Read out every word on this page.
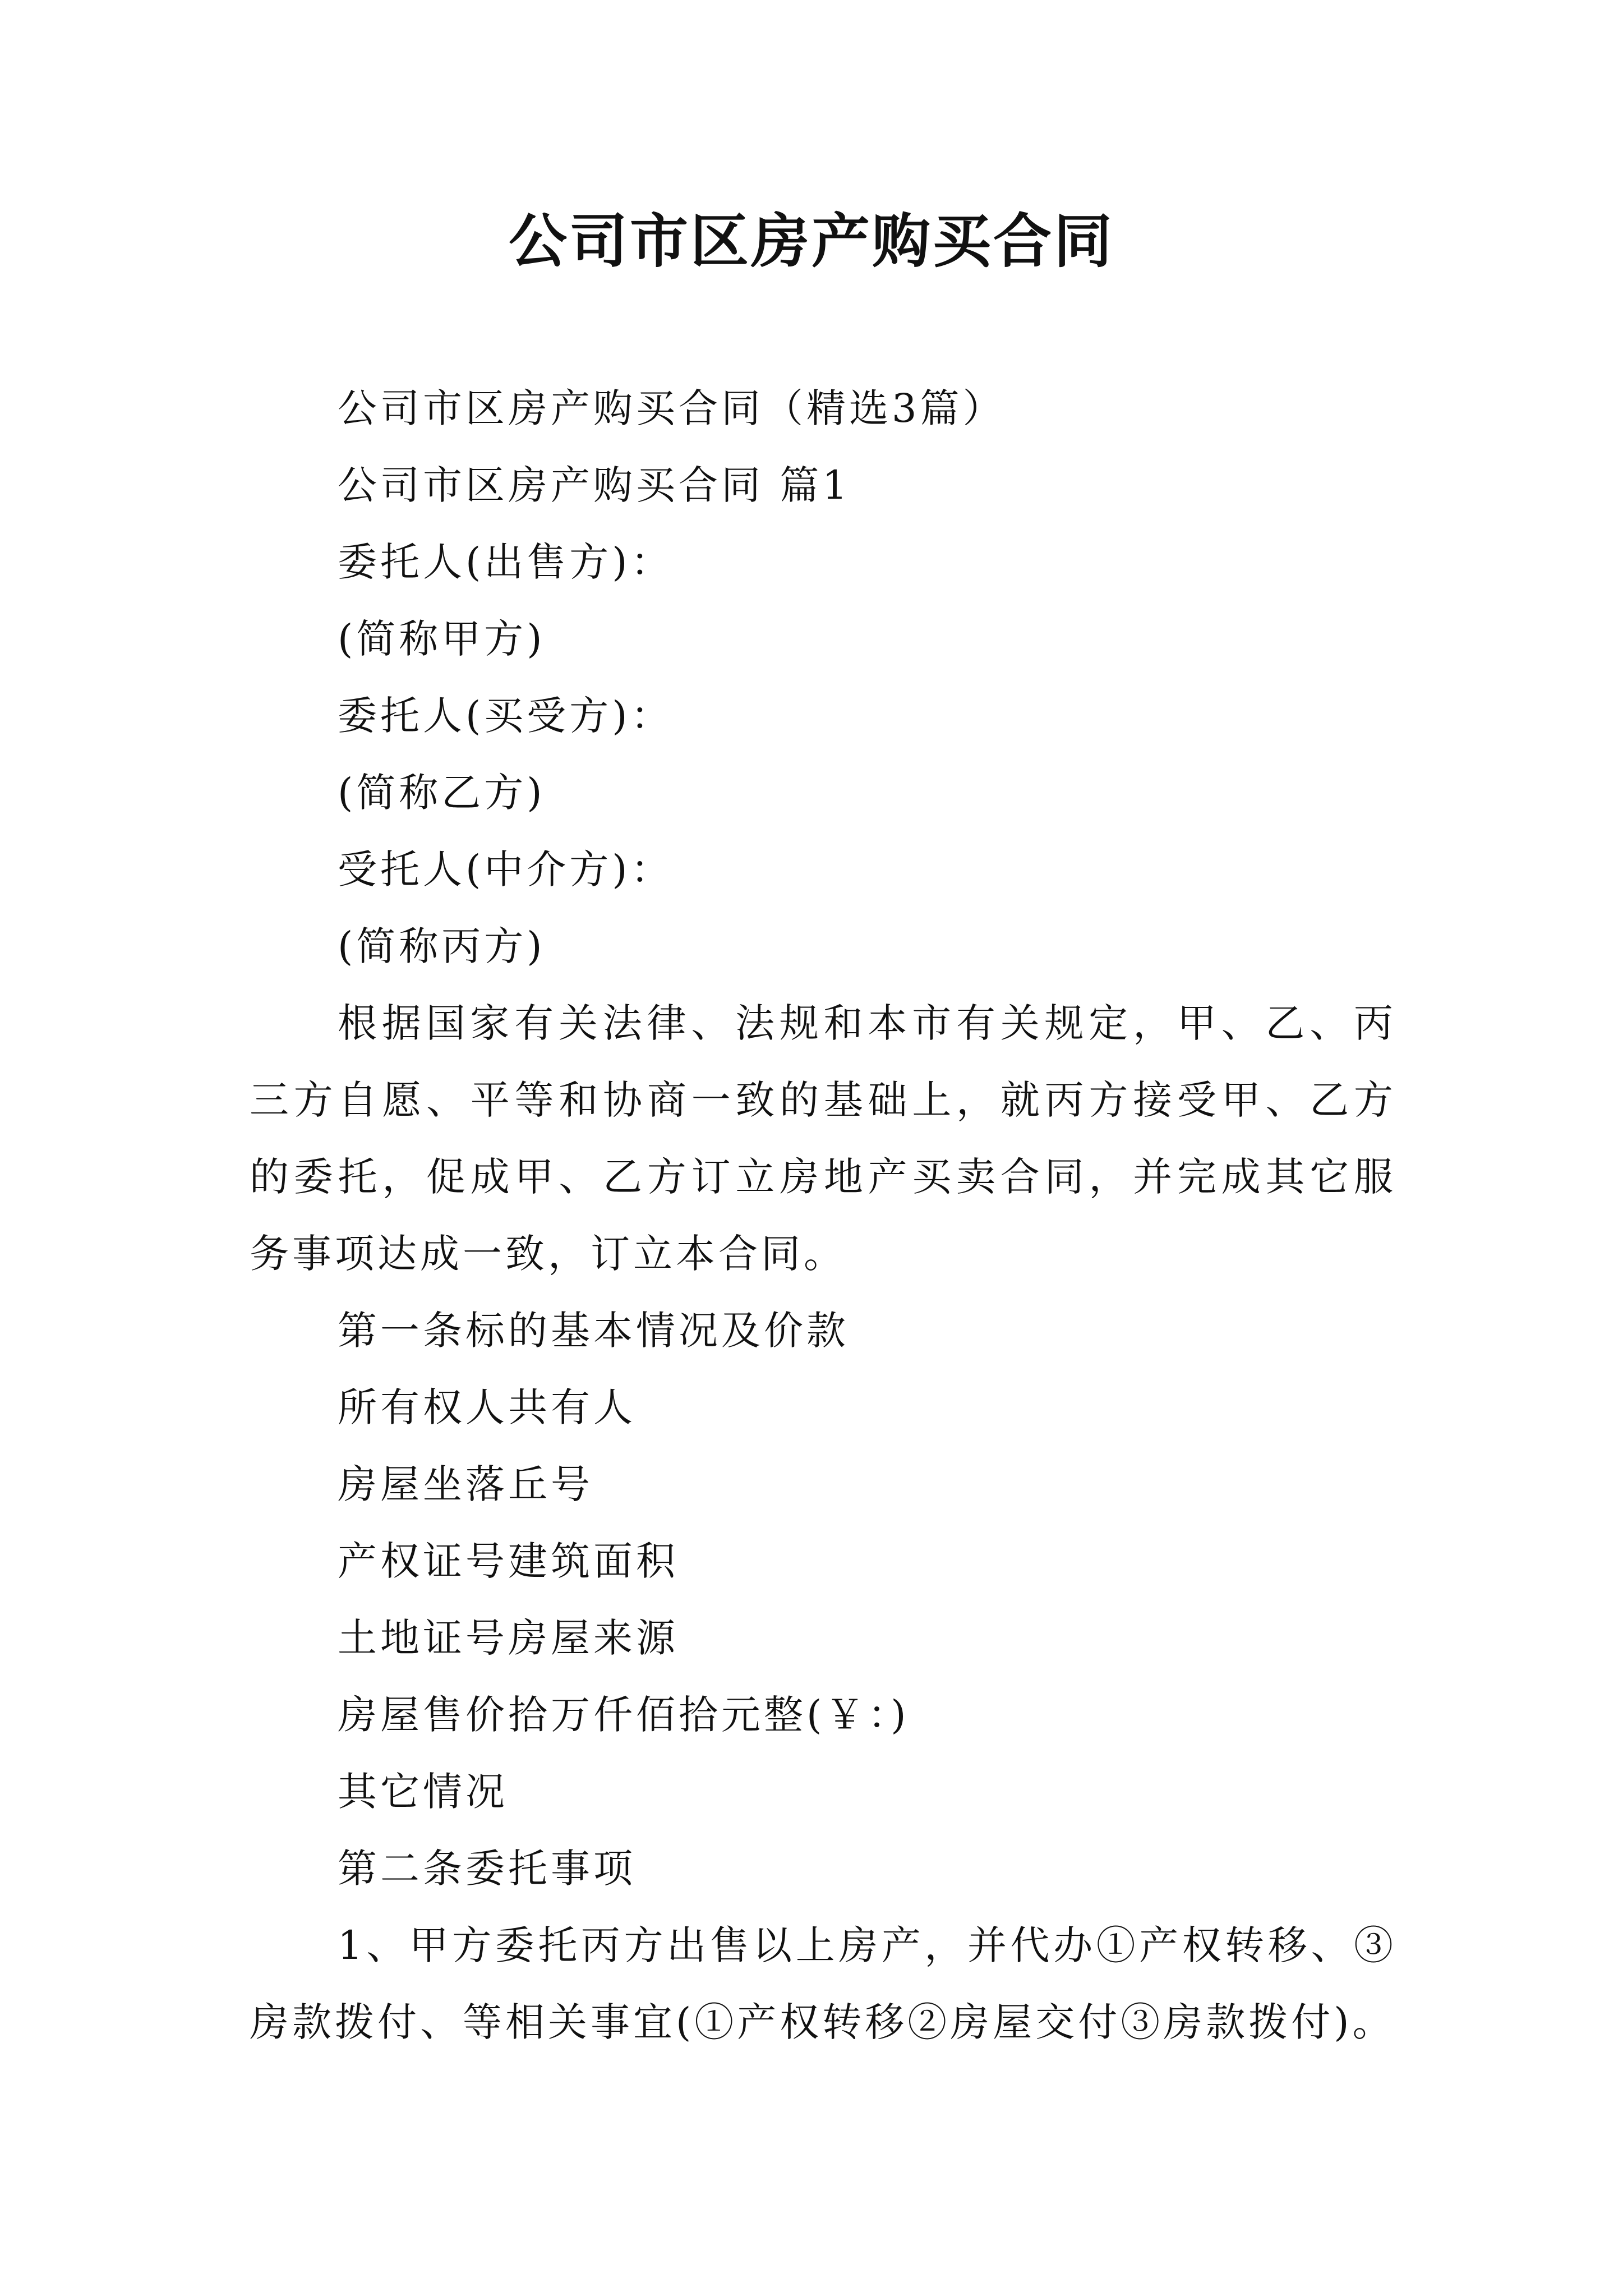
公司市区房产购买合同

公司市区房产购买合同（精选3篇）

公司市区房产购买合同 篇1

委托人(出售方)：

(简称甲方)

委托人(买受方)：

(简称乙方)

受托人(中介方)：

(简称丙方)

根据国家有关法律、法规和本市有关规定，甲、乙、丙三方自愿、平等和协商一致的基础上，就丙方接受甲、乙方的委托，促成甲、乙方订立房地产买卖合同，并完成其它服务事项达成一致，订立本合同。

第一条标的基本情况及价款

所有权人共有人

房屋坐落丘号

产权证号建筑面积

土地证号房屋来源

房屋售价拾万仟佰拾元整(￥：)

其它情况

第二条委托事项

1、甲方委托丙方出售以上房产，并代办①产权转移、③房款拨付、等相关事宜(①产权转移②房屋交付③房款拨付)。
